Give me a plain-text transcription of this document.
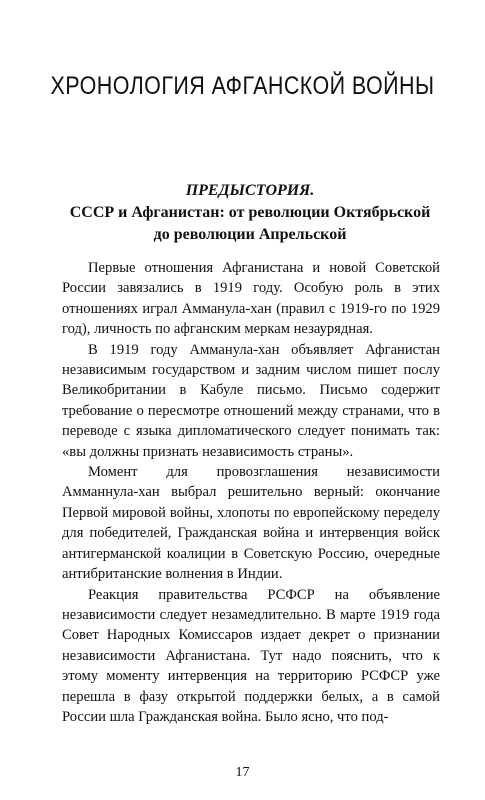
ХРОНОЛОГИЯ АФГАНСКОЙ ВОЙНЫ
ПРЕДЫСТОРИЯ.
СССР и Афганистан: от революции Октябрьской
до революции Апрельской

Первые отношения Афганистана и новой Советской России завязались в 1919 году. Особую роль в этих отношениях играл Амманула-хан (правил с 1919-го по 1929 год), личность по афганским меркам незаурядная.

В 1919 году Амманула-хан объявляет Афганистан независимым государством и задним числом пишет послу Великобритании в Кабуле письмо. Письмо содержит требование о пересмотре отношений между странами, что в переводе с языка дипломатического следует понимать так: «вы должны признать независимость страны».

Момент для провозглашения независимости Амманнула-хан выбрал решительно верный: окончание Первой мировой войны, хлопоты по европейскому переделу для победителей, Гражданская война и интервенция войск антигерманской коалиции в Советскую Россию, очередные антибританские волнения в Индии.

Реакция правительства РСФСР на объявление независимости следует незамедлительно. В марте 1919 года Совет Народных Комиссаров издает декрет о признании независимости Афганистана. Тут надо пояснить, что к этому моменту интервенция на территорию РСФСР уже перешла в фазу открытой поддержки белых, а в самой России шла Гражданская война. Было ясно, что под-

17
